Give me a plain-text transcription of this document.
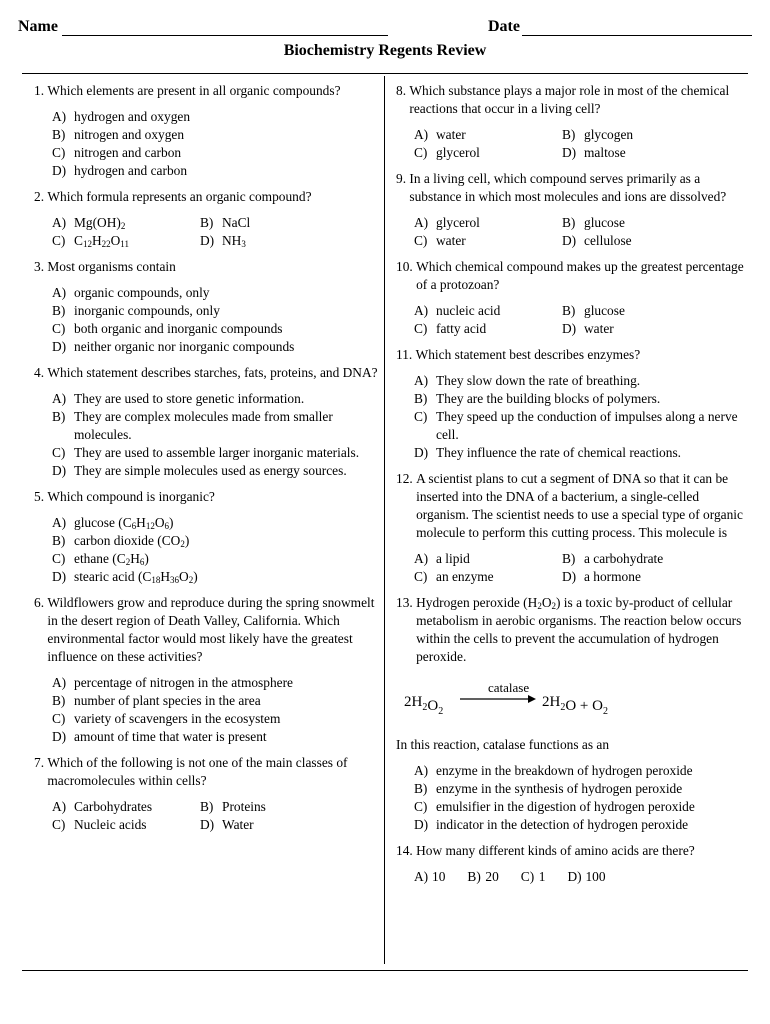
Name	Date
Biochemistry Regents Review
1. Which elements are present in all organic compounds?
A) hydrogen and oxygen
B) nitrogen and oxygen
C) nitrogen and carbon
D) hydrogen and carbon
2. Which formula represents an organic compound?
A) $Mg(OH)_2$	B) NaCl
C) $C_{12}H_{22}O_{11}$	D) $NH_3$
3. Most organisms contain
A) organic compounds, only
B) inorganic compounds, only
C) both organic and inorganic compounds
D) neither organic nor inorganic compounds
4. Which statement describes starches, fats, proteins, and DNA?
A) They are used to store genetic information.
B) They are complex molecules made from smaller molecules.
C) They are used to assemble larger inorganic materials.
D) They are simple molecules used as energy sources.
5. Which compound is inorganic?
A) glucose $(C_6H_{12}O_6)$
B) carbon dioxide $(CO_2)$
C) ethane $(C_2H_6)$
D) stearic acid $(C_{18}H_{36}O_2)$
6. Wildflowers grow and reproduce during the spring snowmelt in the desert region of Death Valley, California. Which environmental factor would most likely have the greatest influence on these activities?
A) percentage of nitrogen in the atmosphere
B) number of plant species in the area
C) variety of scavengers in the ecosystem
D) amount of time that water is present
7. Which of the following is not one of the main classes of macromolecules within cells?
A) Carbohydrates	B) Proteins
C) Nucleic acids	D) Water
8. Which substance plays a major role in most of the chemical reactions that occur in a living cell?
A) water	B) glycogen
C) glycerol	D) maltose
9. In a living cell, which compound serves primarily as a substance in which most molecules and ions are dissolved?
A) glycerol	B) glucose
C) water	D) cellulose
10. Which chemical compound makes up the greatest percentage of a protozoan?
A) nucleic acid	B) glucose
C) fatty acid	D) water
11. Which statement best describes enzymes?
A) They slow down the rate of breathing.
B) They are the building blocks of polymers.
C) They speed up the conduction of impulses along a nerve cell.
D) They influence the rate of chemical reactions.
12. A scientist plans to cut a segment of DNA so that it can be inserted into the DNA of a bacterium, a single-celled organism. The scientist needs to use a special type of organic molecule to perform this cutting process. This molecule is
A) a lipid	B) a carbohydrate
C) an enzyme	D) a hormone
13. Hydrogen peroxide $(H_2O_2)$ is a toxic by-product of cellular metabolism in aerobic organisms. The reaction below occurs within the cells to prevent the accumulation of hydrogen peroxide.
$2H_2O_2$
catalase
$2H_2O + O_2$
In this reaction, catalase functions as an
A) enzyme in the breakdown of hydrogen peroxide
B) enzyme in the synthesis of hydrogen peroxide
C) emulsifier in the digestion of hydrogen peroxide
D) indicator in the detection of hydrogen peroxide
14. How many different kinds of amino acids are there?
A) 10 B) 20 C) 1 D) 100
